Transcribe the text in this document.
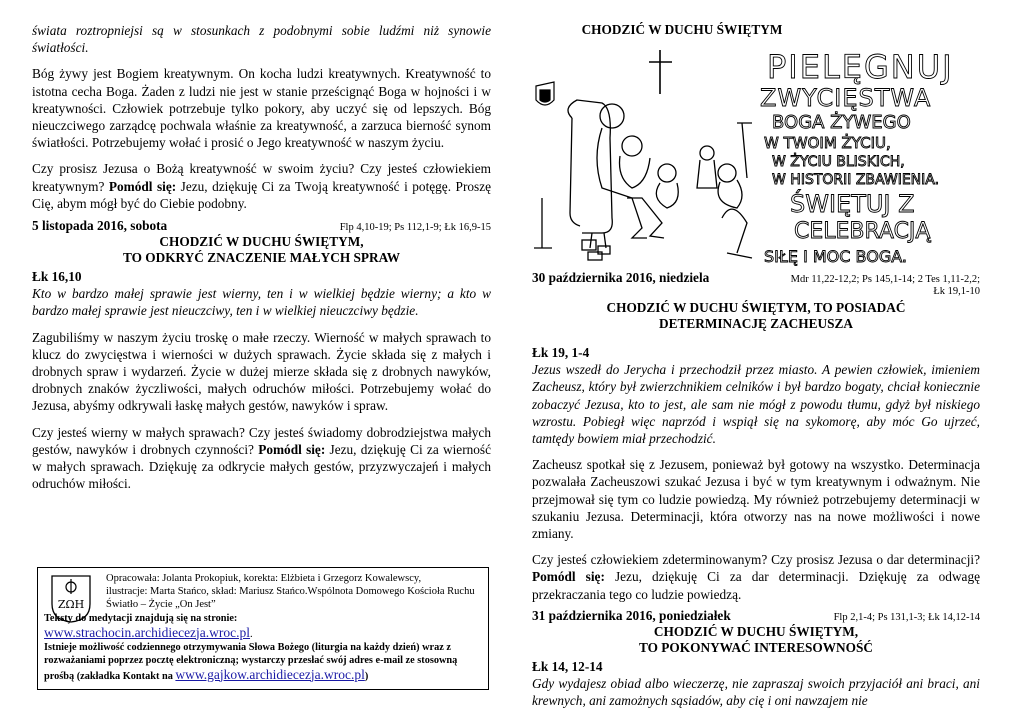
świata roztropniejsi są w stosunkach z podobnymi sobie ludźmi niż synowie światłości.

Bóg żywy jest Bogiem kreatywnym. On kocha ludzi kreatywnych. Kreatywność to istotna cecha Boga. Żaden z ludzi nie jest w stanie prześcignąć Boga w hojności i w kreatywności. Człowiek potrzebuje tylko pokory, aby uczyć się od lepszych. Bóg nieuczciwego zarządcę pochwala właśnie za kreatywność, a zarzuca bierność synom światłości. Potrzebujemy wołać i prosić o Jego kreatywność w naszym życiu.

Czy prosisz Jezusa o Bożą kreatywność w swoim życiu? Czy jesteś człowiekiem kreatywnym? Pomódl się: Jezu, dziękuję Ci za Twoją kreatywność i potęgę. Proszę Cię, abym mógł być do Ciebie podobny.

5 listopada 2016, sobota	Flp 4,10-19; Ps 112,1-9; Łk 16,9-15
CHODZIĆ W DUCHU ŚWIĘTYM,
TO ODKRYĆ ZNACZENIE MAŁYCH SPRAW

Łk 16,10

Kto w bardzo małej sprawie jest wierny, ten i w wielkiej będzie wierny; a kto w bardzo małej sprawie jest nieuczciwy, ten i w wielkiej nieuczciwy będzie.

Zagubiliśmy w naszym życiu troskę o małe rzeczy. Wierność w małych sprawach to klucz do zwycięstwa i wierności w dużych sprawach. Życie składa się z małych i drobnych spraw i wydarzeń. Życie w dużej mierze składa się z drobnych nawyków, drobnych znaków życzliwości, małych odruchów miłości. Potrzebujemy wołać do Jezusa, abyśmy odkrywali łaskę małych gestów, nawyków i spraw.

Czy jesteś wierny w małych sprawach? Czy jesteś świadomy dobrodziejstwa małych gestów, nawyków i drobnych czynności? Pomódl się: Jezu, dziękuję Ci za wierność w małych sprawach. Dziękuję za odkrycie małych gestów, przyzwyczajeń i małych odruchów miłości.

ZΩH
Opracowała: Jolanta Prokopiuk, korekta: Elżbieta i Grzegorz Kowalewscy,
ilustracje: Marta Stańco, skład: Mariusz Stańco.Wspólnota Domowego Kościoła Ruchu Światło – Życie „On Jest”
Teksty do medytacji znajdują się na stronie:
www.strachocin.archidiecezja.wroc.pl.
Istnieje możliwość codziennego otrzymywania Słowa Bożego (liturgia na każdy dzień) wraz z rozważaniami poprzez pocztę elektroniczną; wystarczy przesłać swój adres e-mail ze stosowną prośbą (zakładka Kontakt na www.gajkow.archidiecezja.wroc.pl)
CHODZIĆ W DUCHU ŚWIĘTYM
PIELĘGNUJ
ZWYCIĘSTWA
BOGA ŻYWEGO
W TWOIM ŻYCIU,
W ŻYCIU BLISKICH,
W HISTORII ZBAWIENIA.
ŚWIĘTUJ Z
CELEBRACJĄ
SIŁĘ I MOC BOGA.
30 października 2016, niedziela	Mdr 11,22-12,2; Ps 145,1-14; 2 Tes 1,11-2,2;
Łk 19,1-10
CHODZIĆ W DUCHU ŚWIĘTYM, TO POSIADAĆ
DETERMINACJĘ ZACHEUSZA

Łk 19, 1-4

Jezus wszedł do Jerycha i przechodził przez miasto. A pewien człowiek, imieniem Zacheusz, który był zwierzchnikiem celników i był bardzo bogaty, chciał koniecznie zobaczyć Jezusa, kto to jest, ale sam nie mógł z powodu tłumu, gdyż był niskiego wzrostu. Pobiegł więc naprzód i wspiął się na sykomorę, aby móc Go ujrzeć, tamtędy bowiem miał przechodzić.

Zacheusz spotkał się z Jezusem, ponieważ był gotowy na wszystko. Determinacja pozwalała Zacheuszowi szukać Jezusa i być w tym kreatywnym i odważnym. Nie przejmował się tym co ludzie powiedzą. My również potrzebujemy determinacji w szukaniu Jezusa. Determinacji, która otworzy nas na nowe możliwości i nowe zmiany.

Czy jesteś człowiekiem zdeterminowanym? Czy prosisz Jezusa o dar determinacji? Pomódl się: Jezu, dziękuję Ci za dar determinacji. Dziękuję za odwagę przekraczania tego co ludzie powiedzą.

31 października 2016, poniedziałek	Flp 2,1-4; Ps 131,1-3; Łk 14,12-14
CHODZIĆ W DUCHU ŚWIĘTYM,
TO POKONYWAĆ INTERESOWNOŚĆ

Łk 14, 12-14

Gdy wydajesz obiad albo wieczerzę, nie zapraszaj swoich przyjaciół ani braci, ani krewnych, ani zamożnych sąsiadów, aby cię i oni nawzajem nie
